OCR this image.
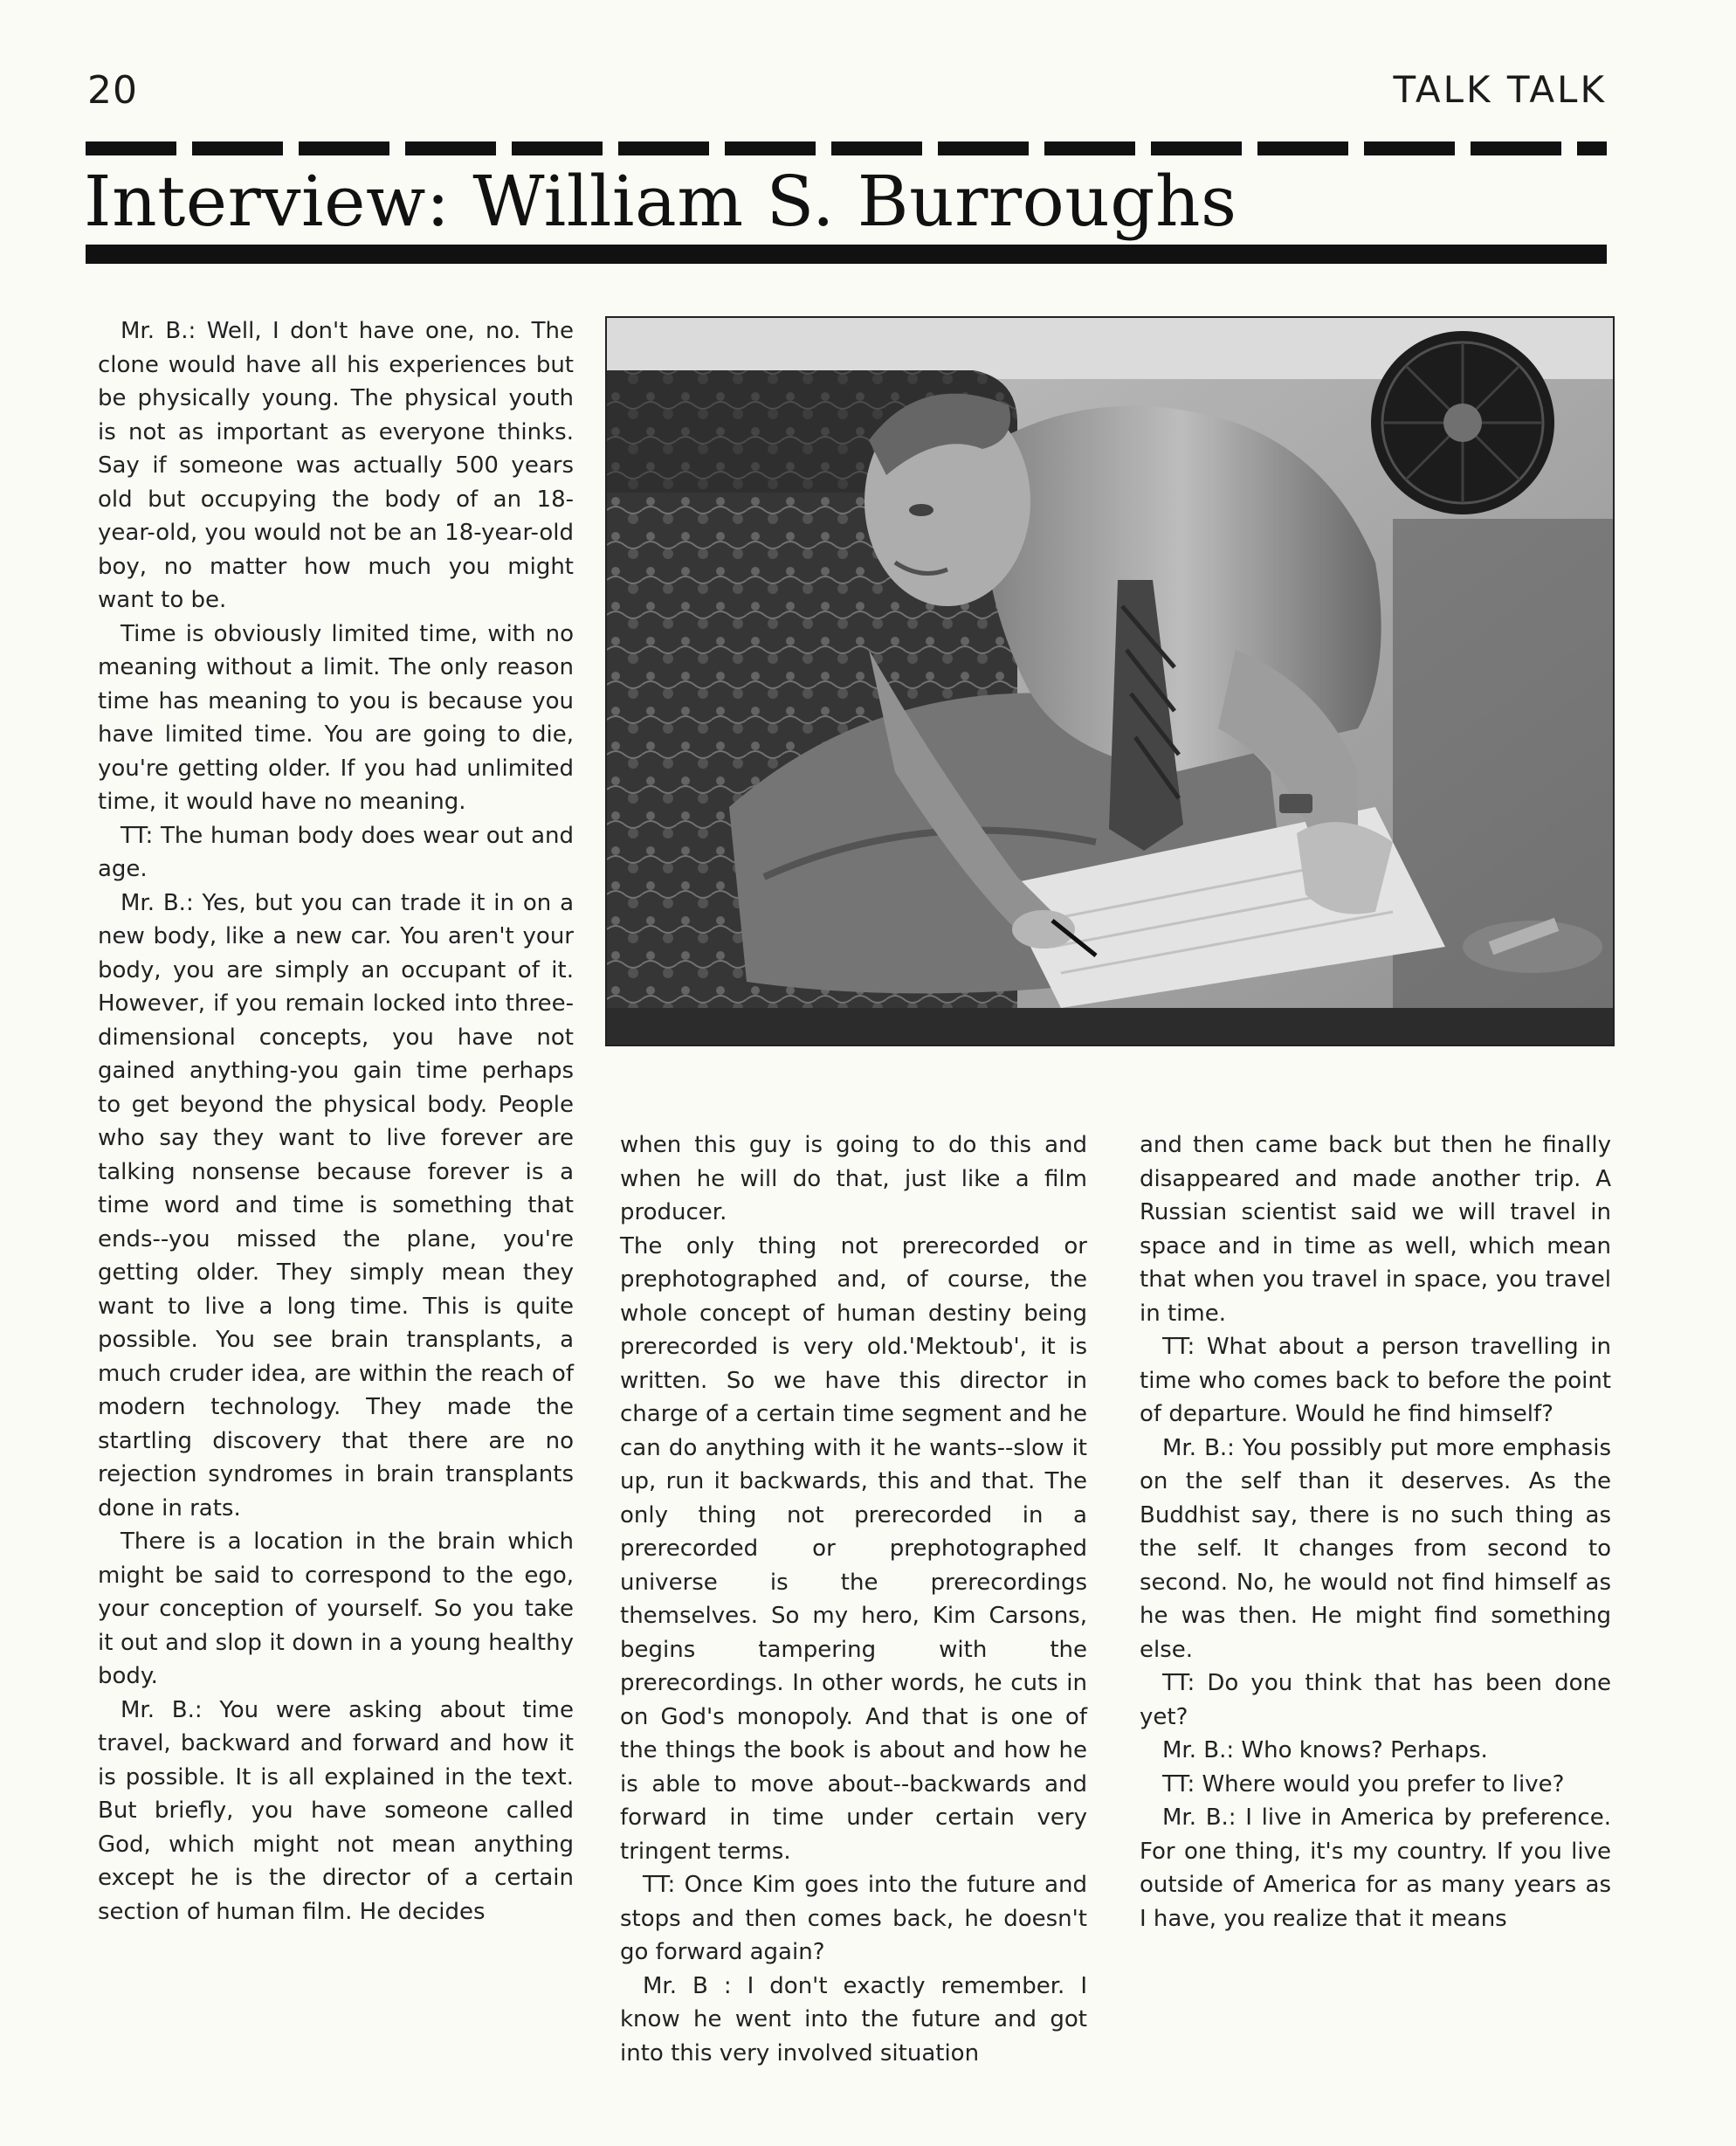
20	TALK TALK
Interview: William S. Burroughs

Mr. B.: Well, I don't have one, no. The clone would have all his experiences but be physically young. The physical youth is not as important as everyone thinks. Say if someone was actually 500 years old but occupying the body of an 18-year-old, you would not be an 18-year-old boy, no matter how much you might want to be.

Time is obviously limited time, with no meaning without a limit. The only reason time has meaning to you is because you have limited time. You are going to die, you're getting older. If you had unlimited time, it would have no meaning.

TT: The human body does wear out and age.

Mr. B.: Yes, but you can trade it in on a new body, like a new car. You aren't your body, you are simply an occupant of it. However, if you remain locked into three-dimensional concepts, you have not gained anything-you gain time perhaps to get beyond the physical body. People who say they want to live forever are talking nonsense because forever is a time word and time is something that ends--you missed the plane, you're getting older. They simply mean they want to live a long time. This is quite possible. You see brain transplants, a much cruder idea, are within the reach of modern technology. They made the startling discovery that there are no rejection syndromes in brain transplants done in rats.

There is a location in the brain which might be said to correspond to the ego, your conception of yourself. So you take it out and slop it down in a young healthy body.

Mr. B.: You were asking about time travel, backward and forward and how it is possible. It is all explained in the text. But briefly, you have someone called God, which might not mean anything except he is the director of a certain section of human film. He decides

when this guy is going to do this and when he will do that, just like a film producer.

The only thing not prerecorded or prephotographed and, of course, the whole concept of human destiny being prerecorded is very old.'Mektoub', it is written. So we have this director in charge of a certain time segment and he can do anything with it he wants--slow it up, run it backwards, this and that. The only thing not prerecorded in a prerecorded or prephotographed universe is the prerecordings themselves. So my hero, Kim Carsons, begins tampering with the prerecordings. In other words, he cuts in on God's monopoly. And that is one of the things the book is about and how he is able to move about--backwards and forward in time under certain very tringent terms.

TT: Once Kim goes into the future and stops and then comes back, he doesn't go forward again?

Mr. B : I don't exactly remember. I know he went into the future and got into this very involved situation

and then came back but then he finally disappeared and made another trip. A Russian scientist said we will travel in space and in time as well, which mean that when you travel in space, you travel in time.

TT: What about a person travelling in time who comes back to before the point of departure. Would he find himself?

Mr. B.: You possibly put more emphasis on the self than it deserves. As the Buddhist say, there is no such thing as the self. It changes from second to second. No, he would not find himself as he was then. He might find something else.

TT: Do you think that has been done yet?

Mr. B.: Who knows? Perhaps.

TT: Where would you prefer to live?

Mr. B.: I live in America by preference. For one thing, it's my country. If you live outside of America for as many years as I have, you realize that it means
